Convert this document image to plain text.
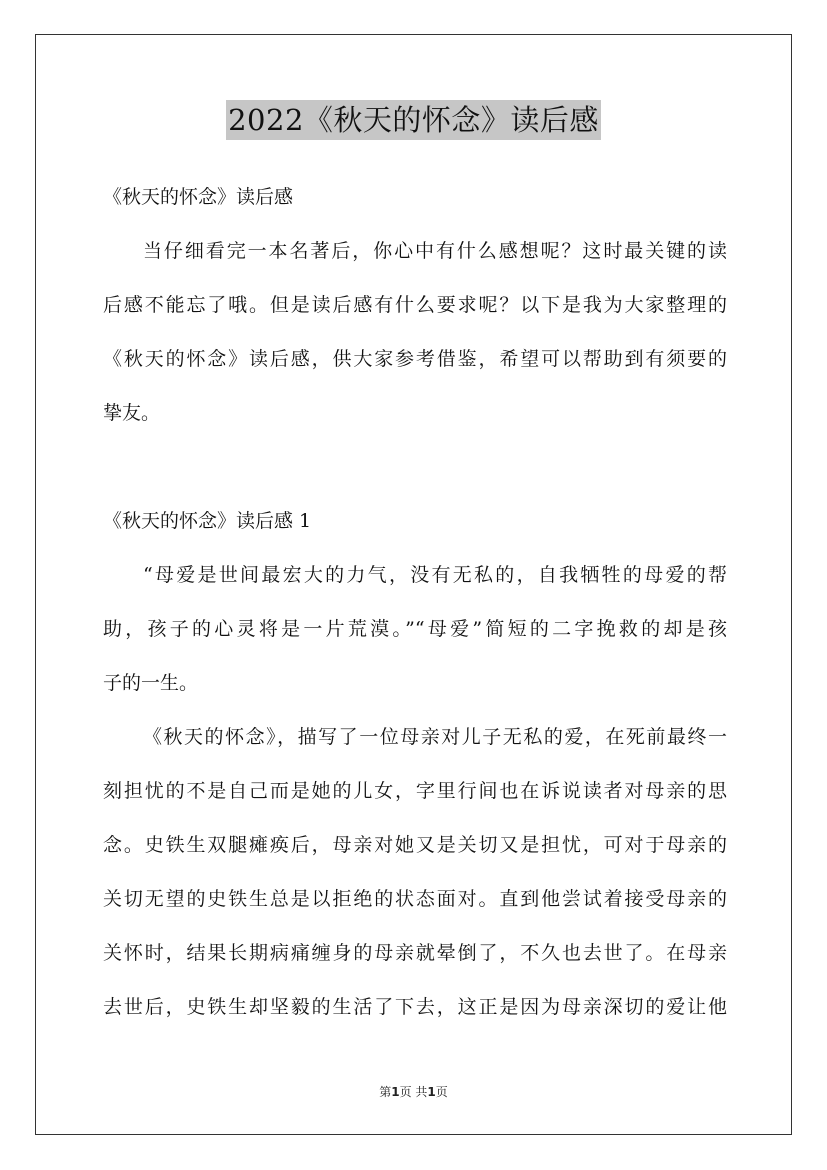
2022《秋天的怀念》读后感

《秋天的怀念》读后感

当仔细看完一本名著后，你心中有什么感想呢？这时最关键的读

后感不能忘了哦。但是读后感有什么要求呢？以下是我为大家整理的

《秋天的怀念》读后感，供大家参考借鉴，希望可以帮助到有须要的

挚友。

《秋天的怀念》读后感 1

“母爱是世间最宏大的力气，没有无私的，自我牺牲的母爱的帮

助，孩子的心灵将是一片荒漠。”“母爱”简短的二字挽救的却是孩

子的一生。

《秋天的怀念》，描写了一位母亲对儿子无私的爱，在死前最终一

刻担忧的不是自己而是她的儿女，字里行间也在诉说读者对母亲的思

念。史铁生双腿瘫痪后，母亲对她又是关切又是担忧，可对于母亲的

关切无望的史铁生总是以拒绝的状态面对。直到他尝试着接受母亲的

关怀时，结果长期病痛缠身的母亲就晕倒了，不久也去世了。在母亲

去世后，史铁生却坚毅的生活了下去，这正是因为母亲深切的爱让他

第1页 共1页
